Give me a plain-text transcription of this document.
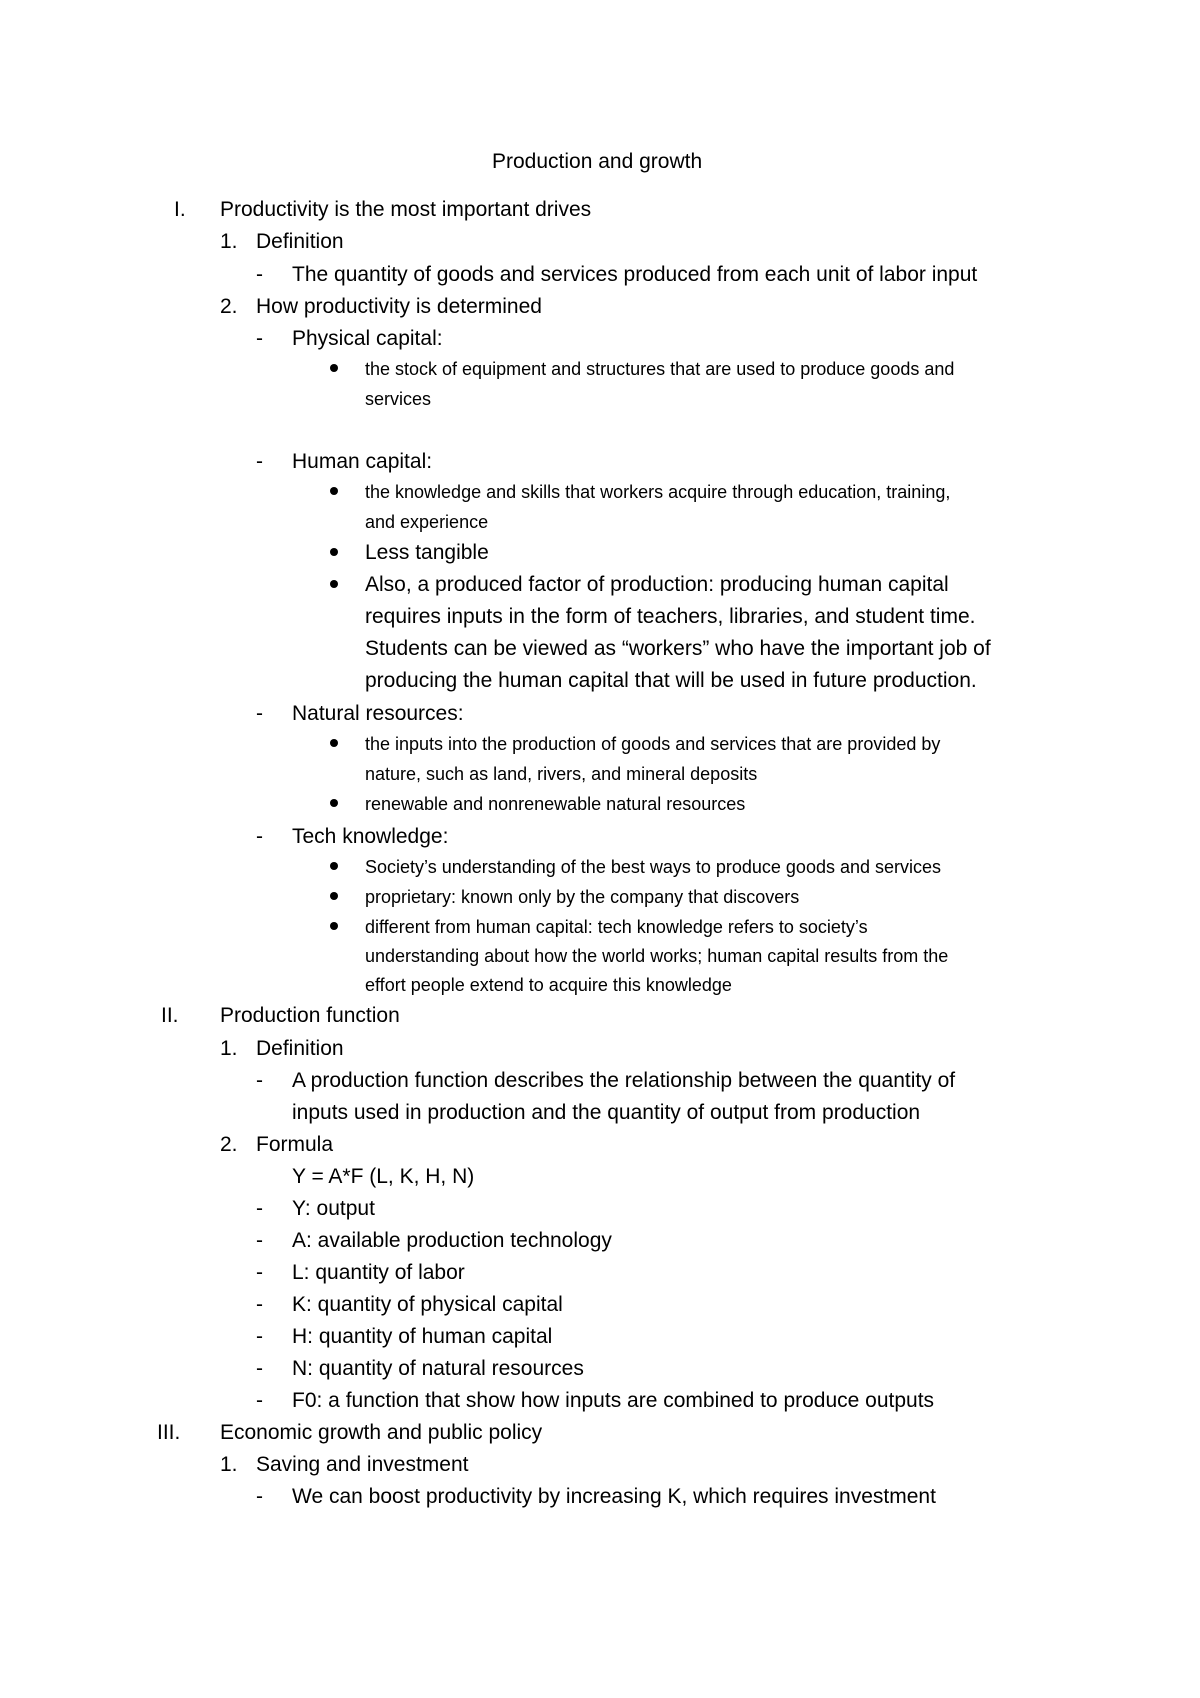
Production and growth
I. Productivity is the most important drives
1. Definition
- The quantity of goods and services produced from each unit of labor input
2. How productivity is determined
- Physical capital:
the stock of equipment and structures that are used to produce goods and
services
- Human capital:
the knowledge and skills that workers acquire through education, training,
and experience
Less tangible
Also, a produced factor of production: producing human capital
requires inputs in the form of teachers, libraries, and student time.
Students can be viewed as “workers” who have the important job of
producing the human capital that will be used in future production.
- Natural resources:
the inputs into the production of goods and services that are provided by
nature, such as land, rivers, and mineral deposits
renewable and nonrenewable natural resources
- Tech knowledge:
Society’s understanding of the best ways to produce goods and services
proprietary: known only by the company that discovers
different from human capital: tech knowledge refers to society’s
understanding about how the world works; human capital results from the
effort people extend to acquire this knowledge
II. Production function
1. Definition
- A production function describes the relationship between the quantity of
inputs used in production and the quantity of output from production
2. Formula
Y = A*F (L, K, H, N)
- Y: output
- A: available production technology
- L: quantity of labor
- K: quantity of physical capital
- H: quantity of human capital
- N: quantity of natural resources
- F0: a function that show how inputs are combined to produce outputs
III. Economic growth and public policy
1. Saving and investment
- We can boost productivity by increasing K, which requires investment
